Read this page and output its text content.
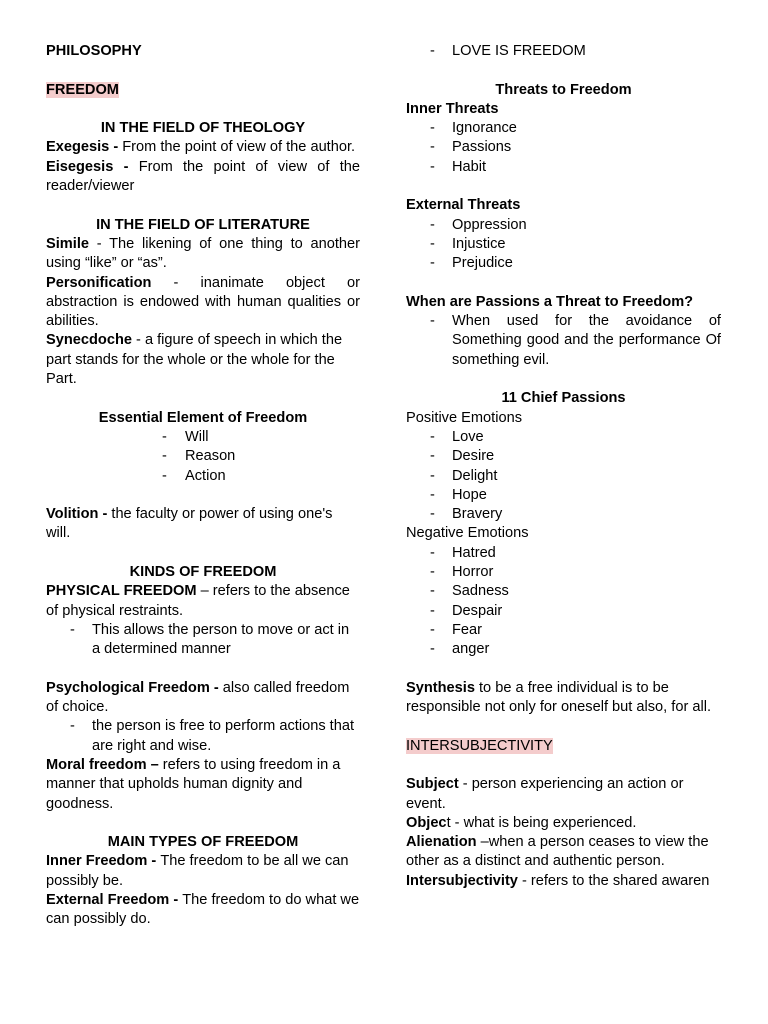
PHILOSOPHY

FREEDOM

IN THE FIELD OF THEOLOGY

Exegesis - From the point of view of the author.

Eisegesis - From the point of view of the reader/viewer

IN THE FIELD OF LITERATURE

Simile - The likening of one thing to another using “like” or “as”.

Personification - inanimate object or abstraction is endowed with human qualities or abilities.

Synecdoche - a figure of speech in which the part stands for the whole or the whole for the Part.

Essential Element of Freedom

- Will
- Reason
- Action

Volition - the faculty or power of using one's will.

KINDS OF FREEDOM

PHYSICAL FREEDOM – refers to the absence of physical restraints.

- This allows the person to move or act in a determined manner

Psychological Freedom - also called freedom of choice.

- the person is free to perform actions that are right and wise.

Moral freedom – refers to using freedom in a manner that upholds human dignity and goodness.

MAIN TYPES OF FREEDOM

Inner Freedom - The freedom to be all we can possibly be.

External Freedom - The freedom to do what we can possibly do.

- LOVE IS FREEDOM

Threats to Freedom

Inner Threats

- Ignorance
- Passions
- Habit

External Threats

- Oppression
- Injustice
- Prejudice

When are Passions a Threat to Freedom?

- When used for the avoidance of Something good and the performance Of something evil.

11 Chief Passions

Positive Emotions

- Love
- Desire
- Delight
- Hope
- Bravery

Negative Emotions

- Hatred
- Horror
- Sadness
- Despair
- Fear
- anger

Synthesis to be a free individual is to be responsible not only for oneself but also, for all.

INTERSUBJECTIVITY

Subject - person experiencing an action or event.

Object - what is being experienced.

Alienation –when a person ceases to view the other as a distinct and authentic person.

Intersubjectivity - refers to the shared awaren
